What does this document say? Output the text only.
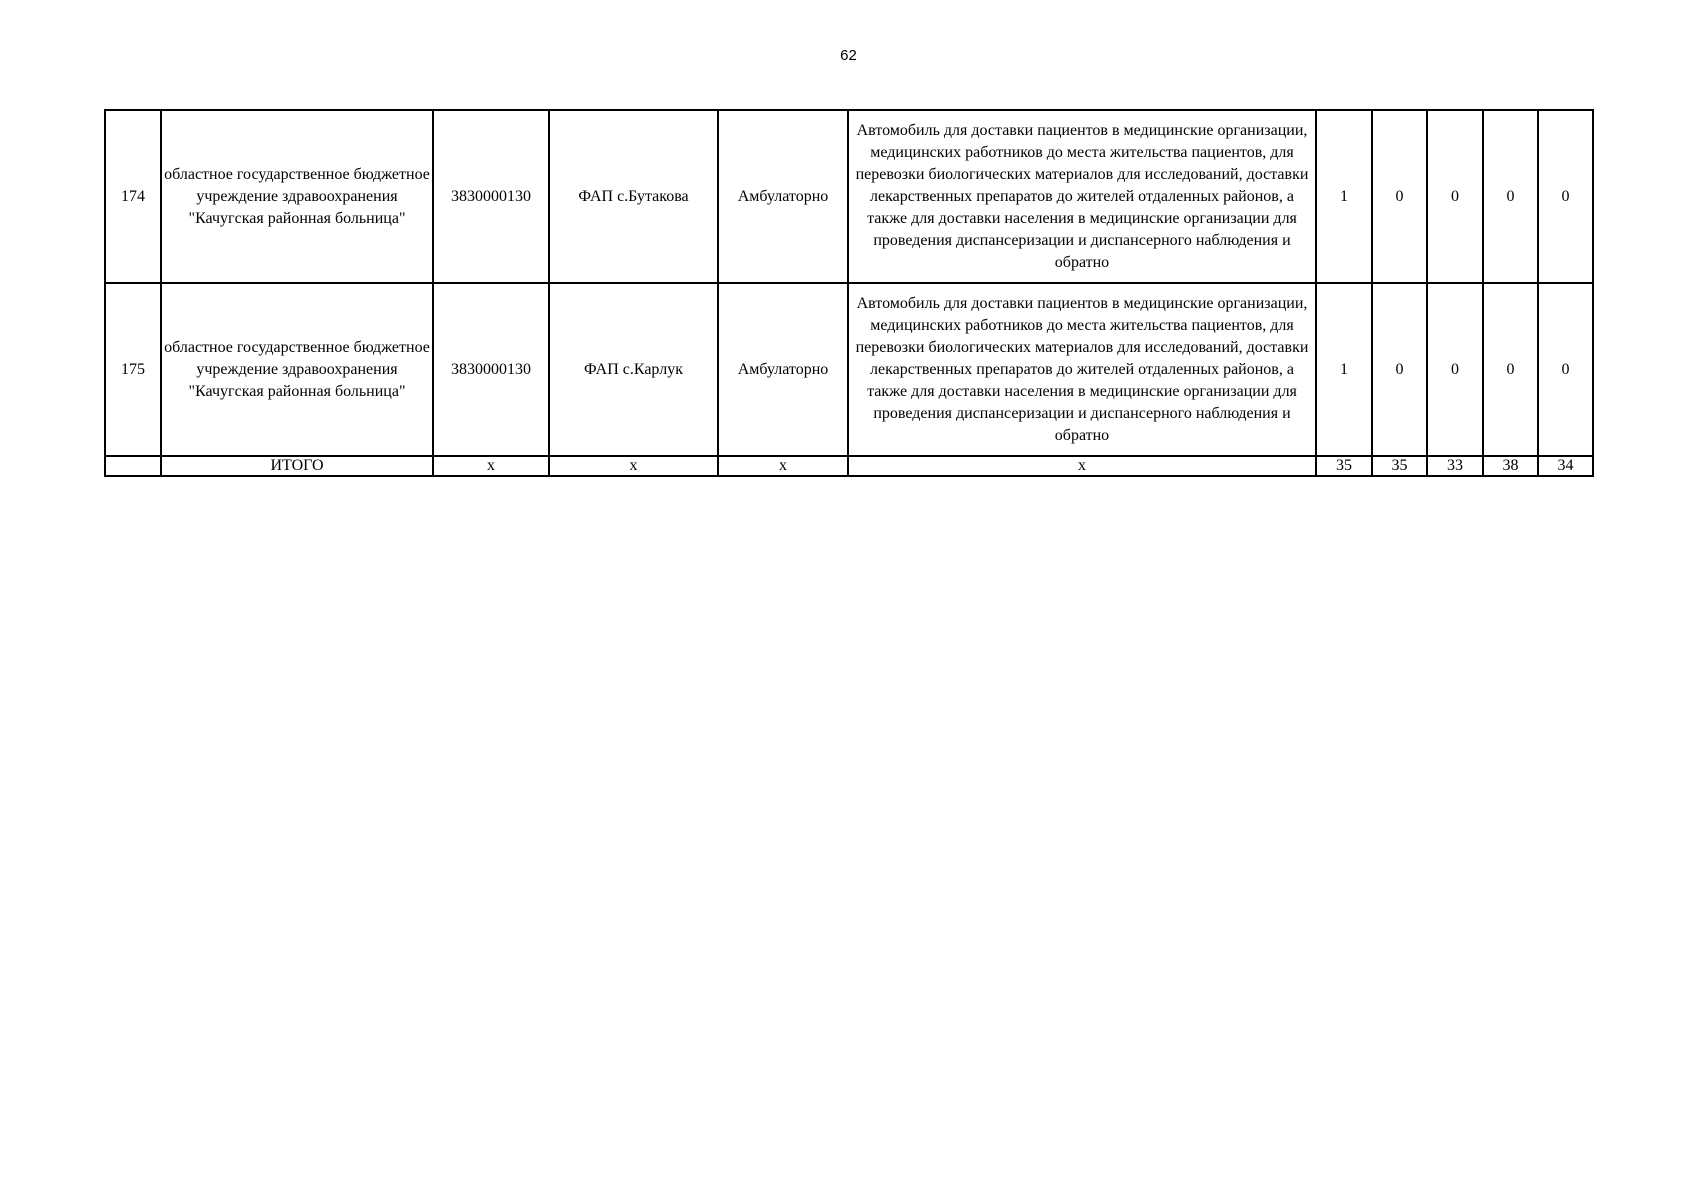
62
174	областное государственное бюджетное учреждение здравоохранения "Качугская районная больница"	3830000130	ФАП с.Бутакова	Амбулаторно	Автомобиль для доставки пациентов в медицинские организации, медицинских работников до места жительства пациентов, для перевозки биологических материалов для исследований, доставки лекарственных препаратов до жителей отдаленных районов, а также для доставки населения в медицинские организации для проведения диспансеризации и диспансерного наблюдения и обратно	1	0	0	0	0
175	областное государственное бюджетное учреждение здравоохранения "Качугская районная больница"	3830000130	ФАП с.Карлук	Амбулаторно	Автомобиль для доставки пациентов в медицинские организации, медицинских работников до места жительства пациентов, для перевозки биологических материалов для исследований, доставки лекарственных препаратов до жителей отдаленных районов, а также для доставки населения в медицинские организации для проведения диспансеризации и диспансерного наблюдения и обратно	1	0	0	0	0
	ИТОГО	x	x	x	x	35	35	33	38	34
